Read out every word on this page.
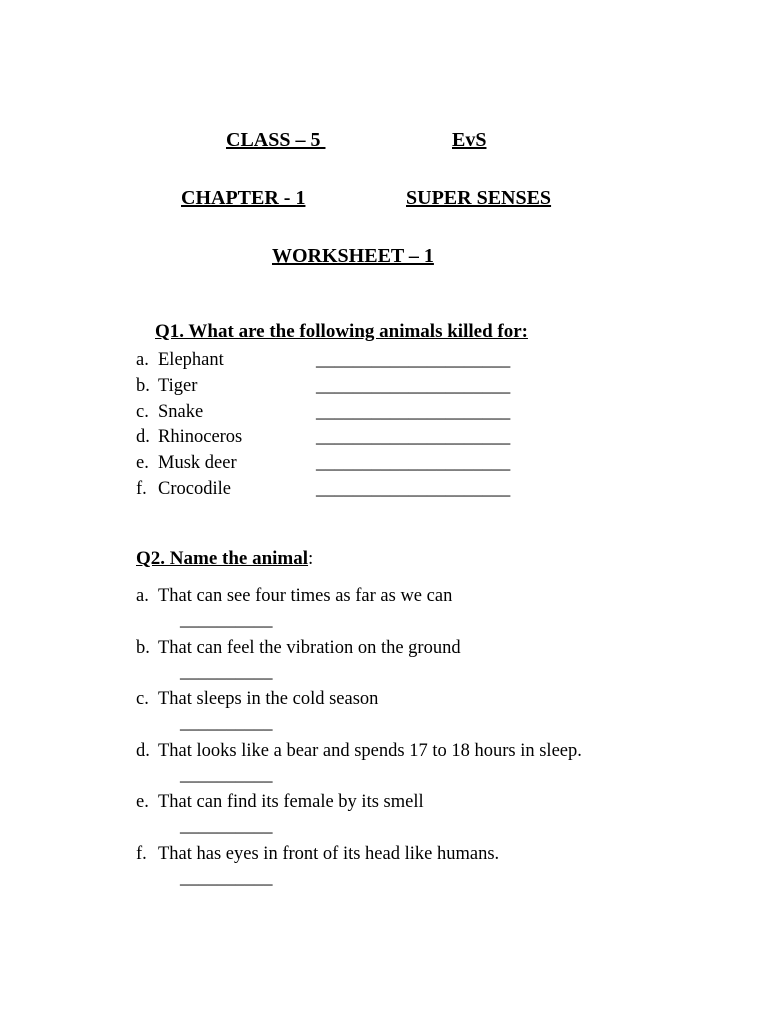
CLASS – 5	EvS
CHAPTER - 1	SUPER SENSES
WORKSHEET – 1

Q1. What are the following animals killed for:

a. Elephant	_____________________
b. Tiger	_____________________
c. Snake	_____________________
d. Rhinoceros	_____________________
e. Musk deer	_____________________
f. Crocodile	_____________________
Q2. Name the animal:
a. That can see four times as far as we can
__________
b. That can feel the vibration on the ground
__________
c. That sleeps in the cold season
__________
d. That looks like a bear and spends 17 to 18 hours in sleep.
__________
e. That can find its female by its smell
__________
f. That has eyes in front of its head like humans.
__________
